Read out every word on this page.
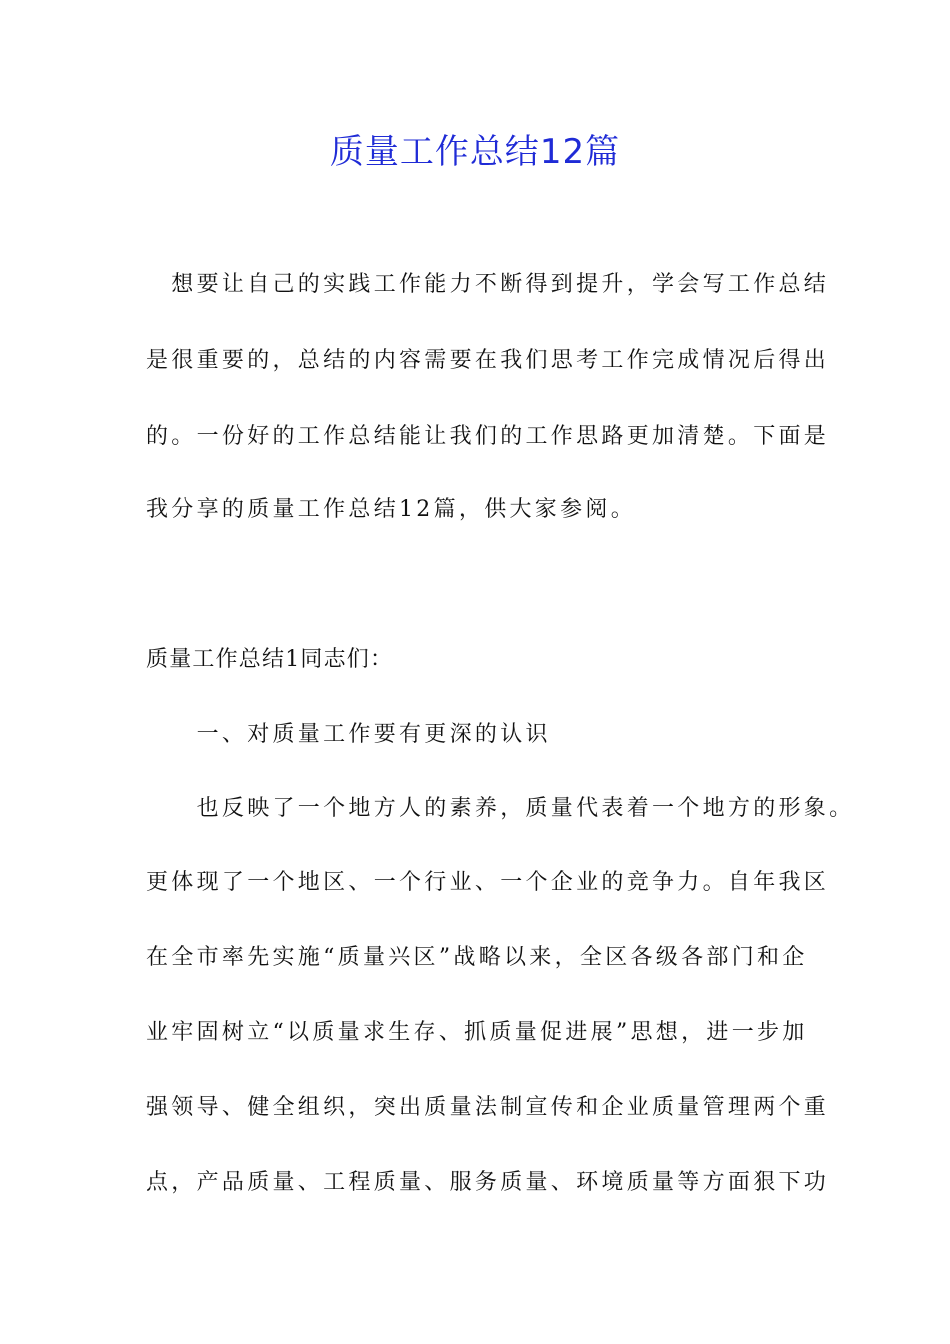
质量工作总结12篇

　想要让自己的实践工作能力不断得到提升，学会写工作总结

是很重要的，总结的内容需要在我们思考工作完成情况后得出

的。一份好的工作总结能让我们的工作思路更加清楚。下面是

我分享的质量工作总结12篇，供大家参阅。

质量工作总结1同志们：

　　一、对质量工作要有更深的认识

　　也反映了一个地方人的素养，质量代表着一个地方的形象。

更体现了一个地区、一个行业、一个企业的竞争力。自年我区

在全市率先实施“质量兴区”战略以来，全区各级各部门和企

业牢固树立“以质量求生存、抓质量促进展”思想，进一步加

强领导、健全组织，突出质量法制宣传和企业质量管理两个重

点，产品质量、工程质量、服务质量、环境质量等方面狠下功
